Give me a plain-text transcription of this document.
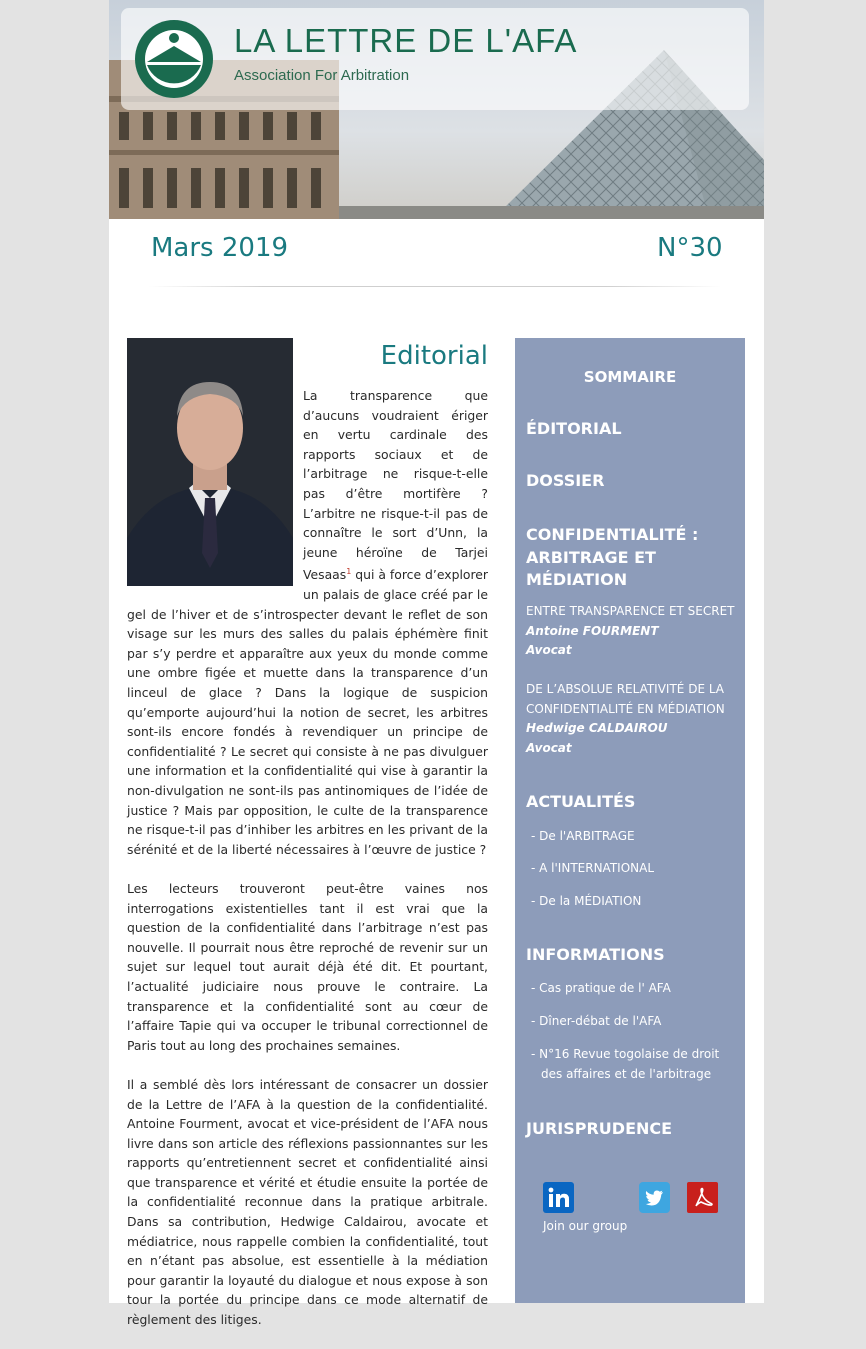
LA LETTRE DE L'AFA
Association For Arbitration
Mars 2019	N°30
Editorial
La transparence que d’aucuns voudraient ériger en vertu cardinale des rapports sociaux et de l’arbitrage ne risque-t-elle pas d’être mortifère ? L’arbitre ne risque-t-il pas de connaître le sort d’Unn, la jeune héroïne de Tarjei Vesaas$^1$ qui à force d’explorer un palais de glace créé par le gel de l’hiver et de s’introspecter devant le reflet de son visage sur les murs des salles du palais éphémère finit par s’y perdre et apparaître aux yeux du monde comme une ombre figée et muette dans la transparence d’un linceul de glace ? Dans la logique de suspicion qu’emporte aujourd’hui la notion de secret, les arbitres sont-ils encore fondés à revendiquer un principe de confidentialité ? Le secret qui consiste à ne pas divulguer une information et la confidentialité qui vise à garantir la non-divulgation ne sont-ils pas antinomiques de l’idée de justice ? Mais par opposition, le culte de la transparence ne risque-t-il pas d’inhiber les arbitres en les privant de la sérénité et de la liberté nécessaires à l’œuvre de justice ?
Les lecteurs trouveront peut-être vaines nos interrogations existentielles tant il est vrai que la question de la confidentialité dans l’arbitrage n’est pas nouvelle. Il pourrait nous être reproché de revenir sur un sujet sur lequel tout aurait déjà été dit. Et pourtant, l’actualité judiciaire nous prouve le contraire. La transparence et la confidentialité sont au cœur de l’affaire Tapie qui va occuper le tribunal correctionnel de Paris tout au long des prochaines semaines.
Il a semblé dès lors intéressant de consacrer un dossier de la Lettre de l’AFA à la question de la confidentialité. Antoine Fourment, avocat et vice-président de l’AFA nous livre dans son article des réflexions passionnantes sur les rapports qu’entretiennent secret et confidentialité ainsi que transparence et vérité et étudie ensuite la portée de la confidentialité reconnue dans la pratique arbitrale. Dans sa contribution, Hedwige Caldairou, avocate et médiatrice, nous rappelle combien la confidentialité, tout en n’étant pas absolue, est essentielle à la médiation pour garantir la loyauté du dialogue et nous expose à son tour la portée du principe dans ce mode alternatif de règlement des litiges.
SOMMAIRE
ÉDITORIAL
DOSSIER
CONFIDENTIALITÉ :
ARBITRAGE ET MÉDIATION
ENTRE TRANSPARENCE ET SECRET
Antoine FOURMENT
Avocat
DE L’ABSOLUE RELATIVITÉ DE LA CONFIDENTIALITÉ EN MÉDIATION
Hedwige CALDAIROU
Avocat
ACTUALITÉS
- De l'ARBITRAGE
- A l'INTERNATIONAL
- De la MÉDIATION
INFORMATIONS
- Cas pratique de l' AFA
- Dîner-débat de l'AFA
- N°16 Revue togolaise de droit des affaires et de l'arbitrage
JURISPRUDENCE
Join our group
